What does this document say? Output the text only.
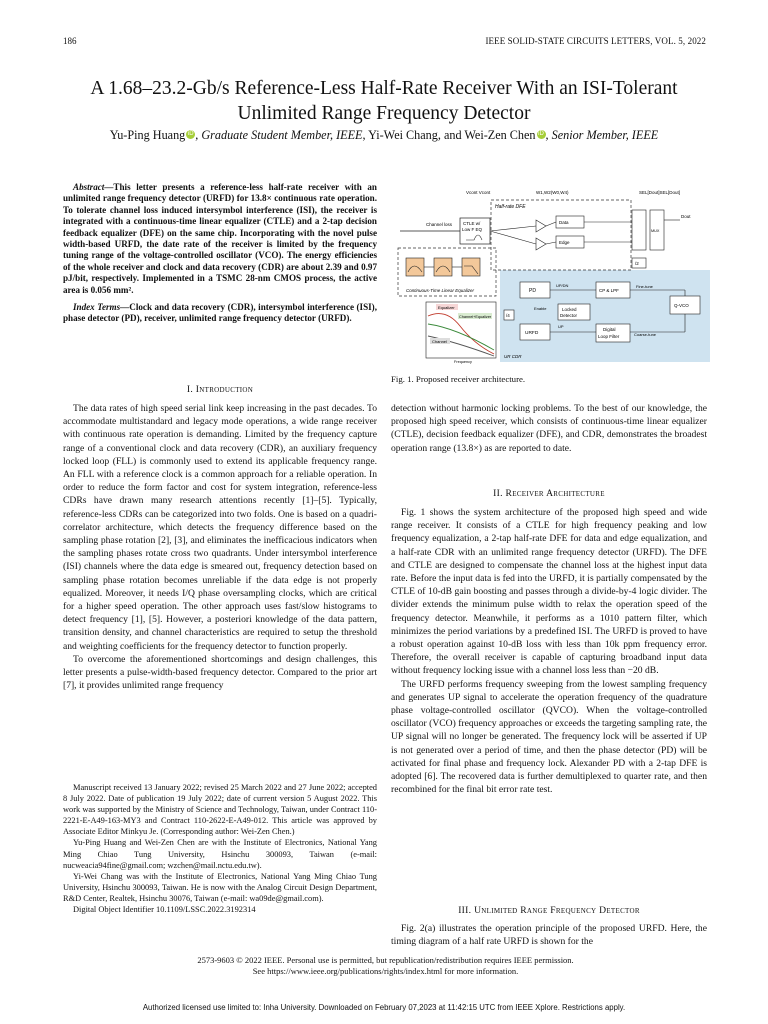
186	IEEE SOLID-STATE CIRCUITS LETTERS, VOL. 5, 2022
A 1.68–23.2-Gb/s Reference-Less Half-Rate Receiver With an ISI-Tolerant
Unlimited Range Frequency Detector
Yu-Ping Huang iD , Graduate Student Member, IEEE, Yi-Wei Chang, and Wei-Zen Chen iD , Senior Member, IEEE

Abstract—This letter presents a reference-less half-rate receiver with an unlimited range frequency detector (URFD) for 13.8× continuous rate operation. To tolerate channel loss induced intersymbol interference (ISI), the receiver is integrated with a continuous-time linear equalizer (CTLE) and a 2-tap decision feedback equalizer (DFE) on the same chip. Incorporating with the novel pulse width-based URFD, the date rate of the receiver is limited by the frequency tuning range of the voltage-controlled oscillator (VCO). The energy efficiencies of the whole receiver and clock and data recovery (CDR) are about 2.39 and 0.97 pJ/bit, respectively. Implemented in a TSMC 28-nm CMOS process, the active area is 0.056 mm².

Index Terms—Clock and data recovery (CDR), intersymbol interference (ISI), phase detector (PD), receiver, unlimited range frequency detector (URFD).

I. Introduction

The data rates of high speed serial link keep increasing in the past decades. To accommodate multistandard and legacy mode operations, a wide range receiver with continuous rate operation is demanding. Limited by the frequency capture range of a conventional clock and data recovery (CDR), an auxiliary frequency locked loop (FLL) is commonly used to extend its applicable frequency range. An FLL with a reference clock is a common approach for a reliable operation. In order to reduce the form factor and cost for system integration, reference-less CDRs have drawn many research attentions recently [1]–[5]. Typically, reference-less CDRs can be categorized into two folds. One is based on a quadri-correlator architecture, which detects the frequency difference based on the sampling phase rotation [2], [3], and eliminates the inefficacious indicators when the sampling phases rotate cross two quadrants. Under intersymbol interference (ISI) channels where the data edge is smeared out, frequency detection based on sampling phase rotation becomes unreliable if the data edge is not properly equalized. Moreover, it needs I/Q phase oversampling clocks, which are critical for a higher speed operation. The other approach uses fast/slow histograms to detect frequency [1], [5]. However, a posteriori knowledge of the data pattern, transition density, and channel characteristics are required to setup the threshold and weighting coefficients for the frequency detector to function properly.

To overcome the aforementioned shortcomings and design challenges, this letter presents a pulse-width-based frequency detector. Compared to the prior art [7], it provides unlimited range frequency

Manuscript received 13 January 2022; revised 25 March 2022 and 27 June 2022; accepted 8 July 2022. Date of publication 19 July 2022; date of current version 5 August 2022. This work was supported by the Ministry of Science and Technology, Taiwan, under Contract 110-2221-E-A49-163-MY3 and Contract 110-2622-E-A49-012. This article was approved by Associate Editor Minkyu Je. (Corresponding author: Wei-Zen Chen.)

Yu-Ping Huang and Wei-Zen Chen are with the Institute of Electronics, National Yang Ming Chiao Tung University, Hsinchu 300093, Taiwan (e-mail: nucweacia94fine@gmail.com; wzchen@mail.nctu.edu.tw).

Yi-Wei Chang was with the Institute of Electronics, National Yang Ming Chiao Tung University, Hsinchu 300093, Taiwan. He is now with the Analog Circuit Design Department, R&D Center, Realtek, Hsinchu 30076, Taiwan (e-mail: wa09de@gmail.com).

Digital Object Identifier 10.1109/LSSC.2022.3192314

Half-rate DFE
Vcont Vcont	W1,W2(W0,W4)	SEL[Dout]SEL[Dout]
Channel loss CTLE w/
Low F EQ
Data
Edge
MUX
Dout
/2
PD
UP/DN
CP & LPF
Fine-tune
Q-VCO
Locked
Detector
Enable
URFD
UP
Digital
Loop Filter	Coarse-tune
/4
UR CDR
Continuous-Time Linear Equalizer
Equalizer
Channel+Equalizer
Channel
Frequency
Fig. 1. Proposed receiver architecture.

detection without harmonic locking problems. To the best of our knowledge, the proposed high speed receiver, which consists of continuous-time linear equalizer (CTLE), decision feedback equalizer (DFE), and CDR, demonstrates the broadest operation range (13.8×) as are reported to date.

II. Receiver Architecture

Fig. 1 shows the system architecture of the proposed high speed and wide range receiver. It consists of a CTLE for high frequency peaking and low frequency equalization, a 2-tap half-rate DFE for data and edge equalization, and a half-rate CDR with an unlimited range frequency detector (URFD). The DFE and CTLE are designed to compensate the channel loss at the highest input data rate. Before the input data is fed into the URFD, it is partially compensated by the CTLE of 10-dB gain boosting and passes through a divide-by-4 logic divider. The divider extends the minimum pulse width to relax the operation speed of the frequency detector. Meanwhile, it performs as a 1010 pattern filter, which minimizes the period variations by a predefined ISI. The URFD is proved to have a robust operation against 10-dB loss with less than 10k ppm frequency error. Therefore, the overall receiver is capable of capturing broadband input data without frequency locking issue with a channel loss less than −20 dB.

The URFD performs frequency sweeping from the lowest sampling frequency and generates UP signal to accelerate the operation frequency of the quadrature phase voltage-controlled oscillator (QVCO). When the voltage-controlled oscillator (VCO) frequency approaches or exceeds the targeting sampling rate, the UP signal will no longer be generated. The frequency lock will be asserted if UP is not generated over a period of time, and then the phase detector (PD) will be activated for final phase and frequency lock. Alexander PD with a 2-tap DFE is adopted [6]. The recovered data is further demultiplexed to quarter rate, and then recombined for the final bit error rate test.

III. Unlimited Range Frequency Detector

Fig. 2(a) illustrates the operation principle of the proposed URFD. Here, the timing diagram of a half rate URFD is shown for the

2573-9603 © 2022 IEEE. Personal use is permitted, but republication/redistribution requires IEEE permission.
See https://www.ieee.org/publications/rights/index.html for more information.
Authorized licensed use limited to: Inha University. Downloaded on February 07,2023 at 11:42:15 UTC from IEEE Xplore. Restrictions apply.
